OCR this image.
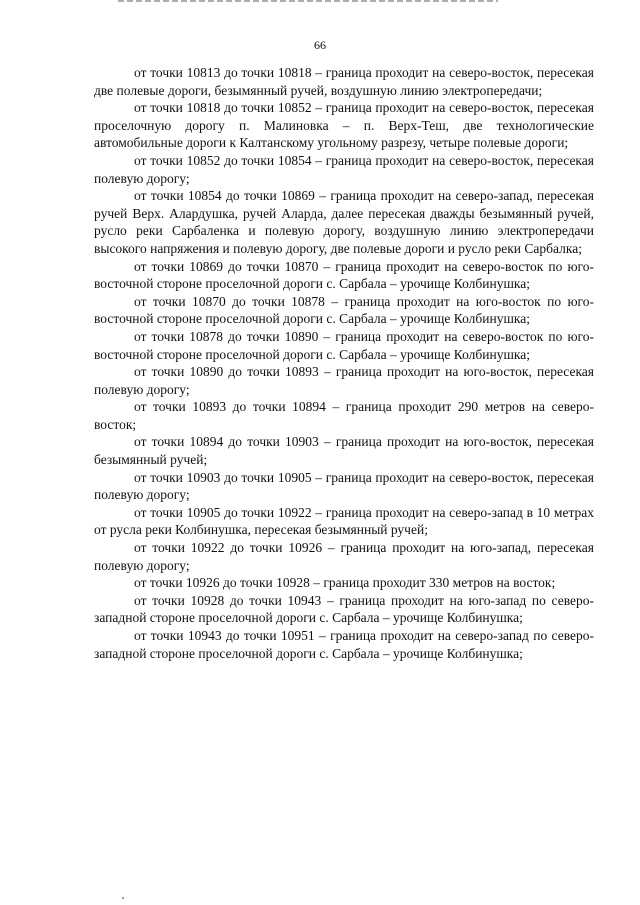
66

от точки 10813 до точки 10818 – граница проходит на северо-восток, пересекая две полевые дороги, безымянный ручей, воздушную линию электропередачи;

от точки 10818 до точки 10852 – граница проходит на северо-восток, пересекая проселочную дорогу п. Малиновка – п. Верх-Теш, две технологические автомобильные дороги к Калтанскому угольному разрезу, четыре полевые дороги;

от точки 10852 до точки 10854 – граница проходит на северо-восток, пересекая полевую дорогу;

от точки 10854 до точки 10869 – граница проходит на северо-запад, пересекая ручей Верх. Алардушка, ручей Аларда, далее пересекая дважды безымянный ручей, русло реки Сарбаленка и полевую дорогу, воздушную линию электропередачи высокого напряжения и полевую дорогу, две полевые дороги и русло реки Сарбалка;

от точки 10869 до точки 10870 – граница проходит на северо-восток по юго-восточной стороне проселочной дороги с. Сарбала – урочище Колбинушка;

от точки 10870 до точки 10878 – граница проходит на юго-восток по юго-восточной стороне проселочной дороги с. Сарбала – урочище Колбинушка;

от точки 10878 до точки 10890 – граница проходит на северо-восток по юго-восточной стороне проселочной дороги с. Сарбала – урочище Колбинушка;

от точки 10890 до точки 10893 – граница проходит на юго-восток, пересекая полевую дорогу;

от точки 10893 до точки 10894 – граница проходит 290 метров на северо-восток;

от точки 10894 до точки 10903 – граница проходит на юго-восток, пересекая безымянный ручей;

от точки 10903 до точки 10905 – граница проходит на северо-восток, пересекая полевую дорогу;

от точки 10905 до точки 10922 – граница проходит на северо-запад в 10 метрах от русла реки Колбинушка, пересекая безымянный ручей;

от точки 10922 до точки 10926 – граница проходит на юго-запад, пересекая полевую дорогу;

от точки 10926 до точки 10928 – граница проходит 330 метров на восток;

от точки 10928 до точки 10943 – граница проходит на юго-запад по северо-западной стороне проселочной дороги с. Сарбала – урочище Колбинушка;

от точки 10943 до точки 10951 – граница проходит на северо-запад по северо-западной стороне проселочной дороги с. Сарбала – урочище Колбинушка;
